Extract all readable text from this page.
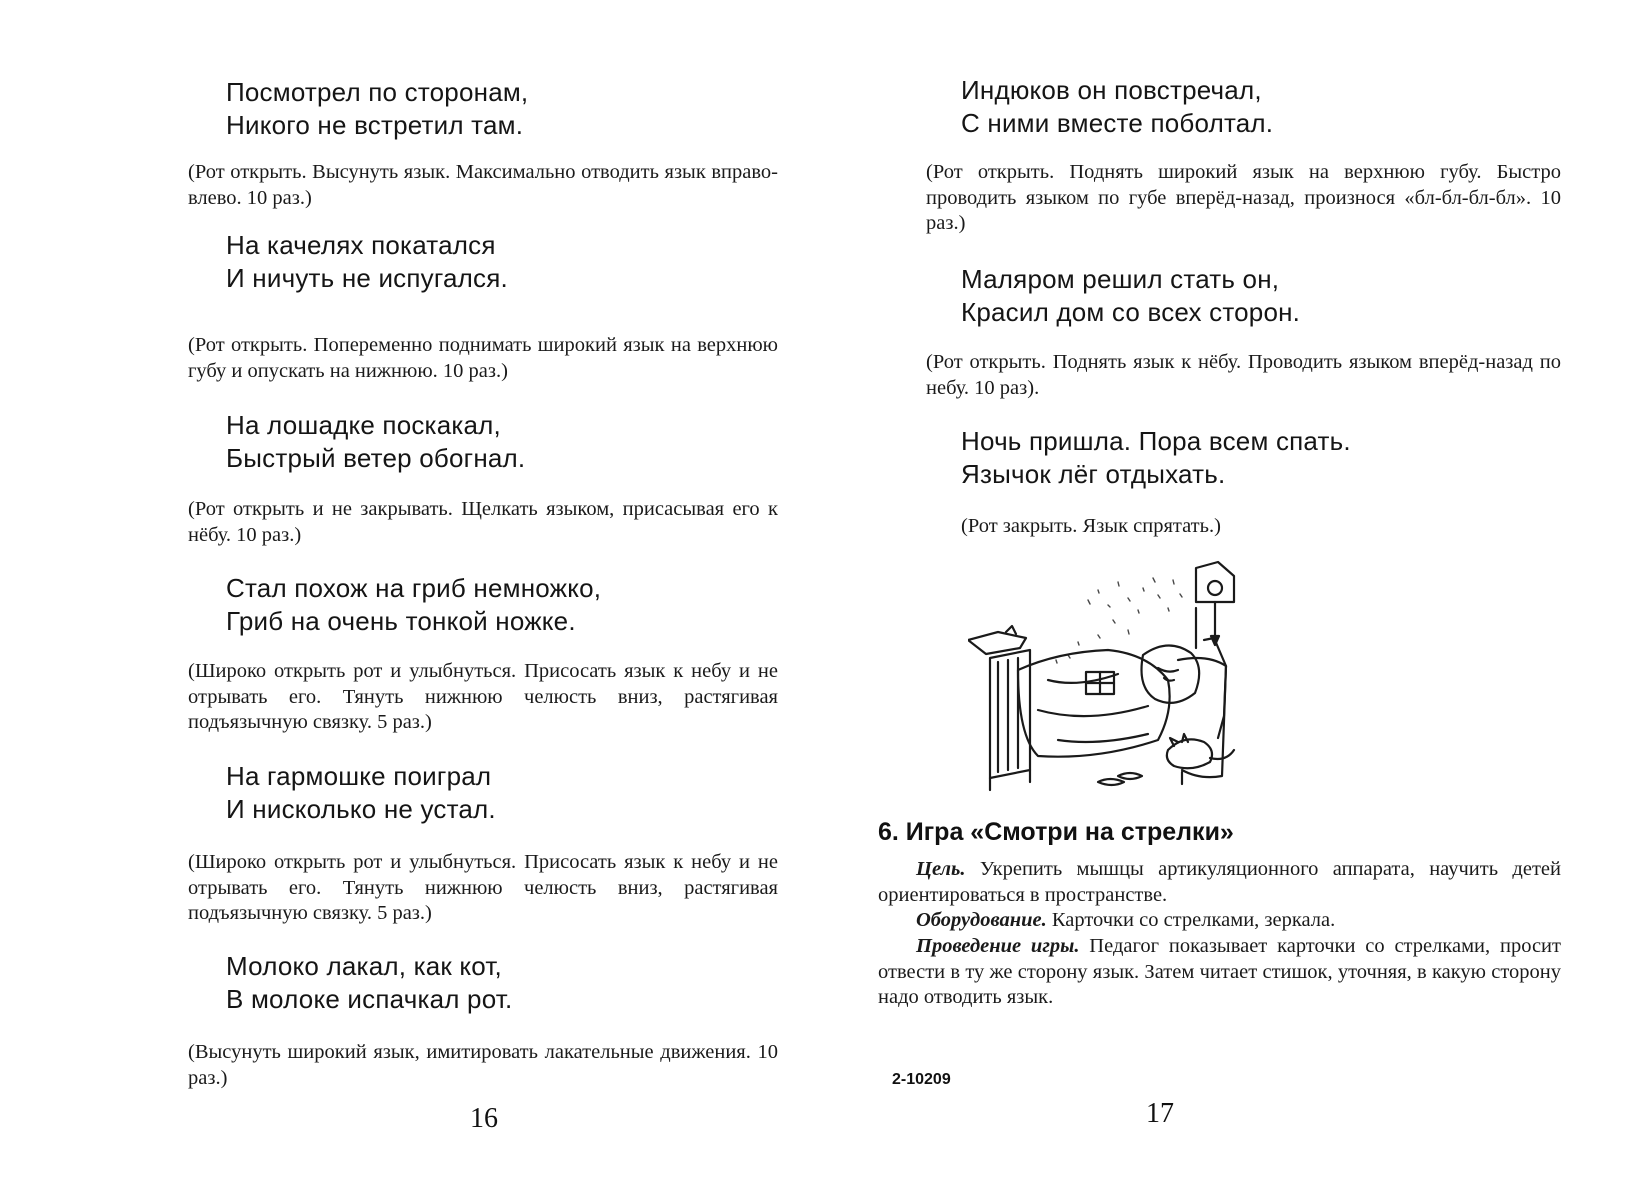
Посмотрел по сторонам,
Никого не встретил там.
(Рот открыть. Высунуть язык. Максимально отводить язык вправо-влево. 10 раз.)
На качелях покатался
И ничуть не испугался.
(Рот открыть. Попеременно поднимать широкий язык на верхнюю губу и опускать на нижнюю. 10 раз.)
На лошадке поскакал,
Быстрый ветер обогнал.
(Рот открыть и не закрывать. Щелкать языком, присасывая его к нёбу. 10 раз.)
Стал похож на гриб немножко,
Гриб на очень тонкой ножке.
(Широко открыть рот и улыбнуться. Присосать язык к небу и не отрывать его. Тянуть нижнюю челюсть вниз, растягивая подъязычную связку. 5 раз.)
На гармошке поиграл
И нисколько не устал.
(Широко открыть рот и улыбнуться. Присосать язык к небу и не отрывать его. Тянуть нижнюю челюсть вниз, растягивая подъязычную связку. 5 раз.)
Молоко лакал, как кот,
В молоке испачкал рот.
(Высунуть широкий язык, имитировать лакательные движения. 10 раз.)
16
Индюков он повстречал,
С ними вместе поболтал.
(Рот открыть. Поднять широкий язык на верхнюю губу. Быстро проводить языком по губе вперёд-назад, произнося «бл-бл-бл-бл». 10 раз.)
Маляром решил стать он,
Красил дом со всех сторон.
(Рот открыть. Поднять язык к нёбу. Проводить языком вперёд-назад по небу. 10 раз).
Ночь пришла. Пора всем спать.
Язычок лёг отдыхать.
(Рот закрыть. Язык спрятать.)
6. Игра «Смотри на стрелки»
Цель. Укрепить мышцы артикуляционного аппарата, научить детей ориентироваться в пространстве.
Оборудование. Карточки со стрелками, зеркала.
Проведение игры. Педагог показывает карточки со стрелками, просит отвести в ту же сторону язык. Затем читает стишок, уточняя, в какую сторону надо отводить язык.
2-10209
17
